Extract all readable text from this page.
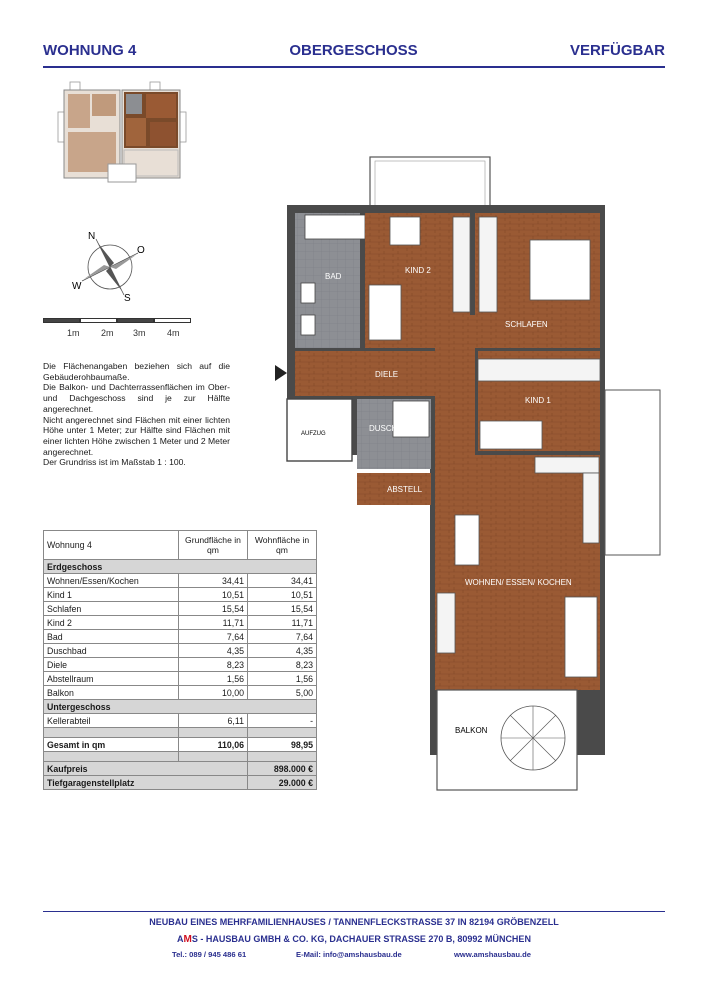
WOHNUNG 4	OBERGESCHOSS	VERFÜGBAR
N
O
S
W
1m 2m 3m 4m

Die Flächenangaben beziehen sich auf die Gebäuderohbaumaße.

Die Balkon- und Dachterrassenflächen im Ober- und Dachgeschoss sind je zur Hälfte angerechnet.

Nicht angerechnet sind Flächen mit einer lichten Höhe unter 1 Meter; zur Hälfte sind Flächen mit einer lichten Höhe zwischen 1 Meter und 2 Meter angerechnet.

Der Grundriss ist im Maßstab 1 : 100.

Wohnung 4	Grundfläche in qm	Wohnfläche in qm
Erdgeschoss		
Wohnen/Essen/Kochen	34,41	34,41
Kind 1	10,51	10,51
Schlafen	15,54	15,54
Kind 2	11,71	11,71
Bad	7,64	7,64
Duschbad	4,35	4,35
Diele	8,23	8,23
Abstellraum	1,56	1,56
Balkon	10,00	5,00
Untergeschoss		
Kellerabteil	6,11	-

Gesamt in qm	110,06	98,95

Kaufpreis		898.000 €
Tiefgaragenstellplatz		29.000 €
BAD
KIND 2
SCHLAFEN
DIELE
KIND 1
AUFZUG
DUSCHE
ABSTELL
WOHNEN/ ESSEN/ KOCHEN
BALKON
NEUBAU EINES MEHRFAMILIENHAUSES / TANNENFLECKSTRASSE 37 IN 82194 GRÖBENZELL
AMS - HAUSBAU GMBH & CO. KG, DACHAUER STRASSE 270 B, 80992 MÜNCHEN
Tel.: 089 / 945 486 61	E-Mail: info@amshausbau.de	www.amshausbau.de
